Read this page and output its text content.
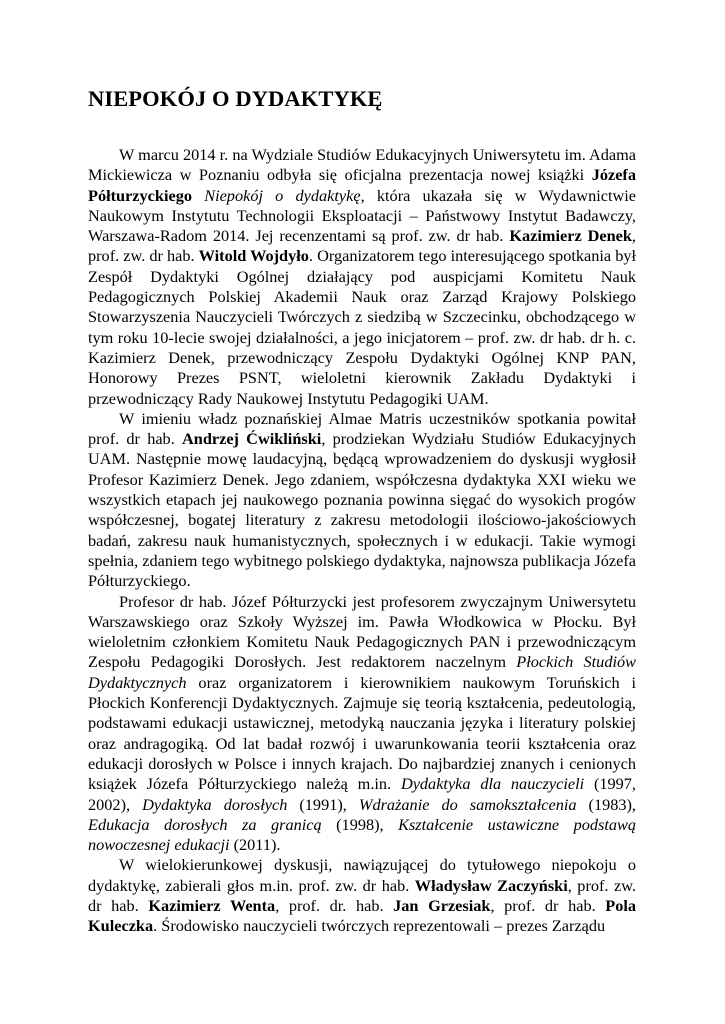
NIEPOKÓJ O DYDAKTYKĘ

W marcu 2014 r. na Wydziale Studiów Edukacyjnych Uniwersytetu im. Adama Mickiewicza w Poznaniu odbyła się oficjalna prezentacja nowej książki Józefa Półturzyckiego Niepokój o dydaktykę, która ukazała się w Wydawnictwie Naukowym Instytutu Technologii Eksploatacji – Państwowy Instytut Badawczy, Warszawa-Radom 2014. Jej recenzentami są prof. zw. dr hab. Kazimierz Denek, prof. zw. dr hab. Witold Wojdyło. Organizatorem tego interesującego spotkania był Zespół Dydaktyki Ogólnej działający pod auspicjami Komitetu Nauk Pedagogicznych Polskiej Akademii Nauk oraz Zarząd Krajowy Polskiego Stowarzyszenia Nauczycieli Twórczych z siedzibą w Szczecinku, obchodzącego w tym roku 10-lecie swojej działalności, a jego inicjatorem – prof. zw. dr hab. dr h. c. Kazimierz Denek, przewodniczący Zespołu Dydaktyki Ogólnej KNP PAN, Honorowy Prezes PSNT, wieloletni kierownik Zakładu Dydaktyki i przewodniczący Rady Naukowej Instytutu Pedagogiki UAM.

W imieniu władz poznańskiej Almae Matris uczestników spotkania powitał prof. dr hab. Andrzej Ćwikliński, prodziekan Wydziału Studiów Edukacyjnych UAM. Następnie mowę laudacyjną, będącą wprowadzeniem do dyskusji wygłosił Profesor Kazimierz Denek. Jego zdaniem, współczesna dydaktyka XXI wieku we wszystkich etapach jej naukowego poznania powinna sięgać do wysokich progów współczesnej, bogatej literatury z zakresu metodologii ilościowo-jakościowych badań, zakresu nauk humanistycznych, społecznych i w edukacji. Takie wymogi spełnia, zdaniem tego wybitnego polskiego dydaktyka, najnowsza publikacja Józefa Półturzyckiego.

Profesor dr hab. Józef Półturzycki jest profesorem zwyczajnym Uniwersytetu Warszawskiego oraz Szkoły Wyższej im. Pawła Włodkowica w Płocku. Był wieloletnim członkiem Komitetu Nauk Pedagogicznych PAN i przewodniczącym Zespołu Pedagogiki Dorosłych. Jest redaktorem naczelnym Płockich Studiów Dydaktycznych oraz organizatorem i kierownikiem naukowym Toruńskich i Płockich Konferencji Dydaktycznych. Zajmuje się teorią kształcenia, pedeutologią, podstawami edukacji ustawicznej, metodyką nauczania języka i literatury polskiej oraz andragogiką. Od lat badał rozwój i uwarunkowania teorii kształcenia oraz edukacji dorosłych w Polsce i innych krajach. Do najbardziej znanych i cenionych książek Józefa Półturzyckiego należą m.in. Dydaktyka dla nauczycieli (1997, 2002), Dydaktyka dorosłych (1991), Wdrażanie do samokształcenia (1983), Edukacja dorosłych za granicą (1998), Kształcenie ustawiczne podstawą nowoczesnej edukacji (2011).

W wielokierunkowej dyskusji, nawiązującej do tytułowego niepokoju o dydaktykę, zabierali głos m.in. prof. zw. dr hab. Władysław Zaczyński, prof. zw. dr hab. Kazimierz Wenta, prof. dr. hab. Jan Grzesiak, prof. dr hab. Pola Kuleczka. Środowisko nauczycieli twórczych reprezentowali – prezes Zarządu
